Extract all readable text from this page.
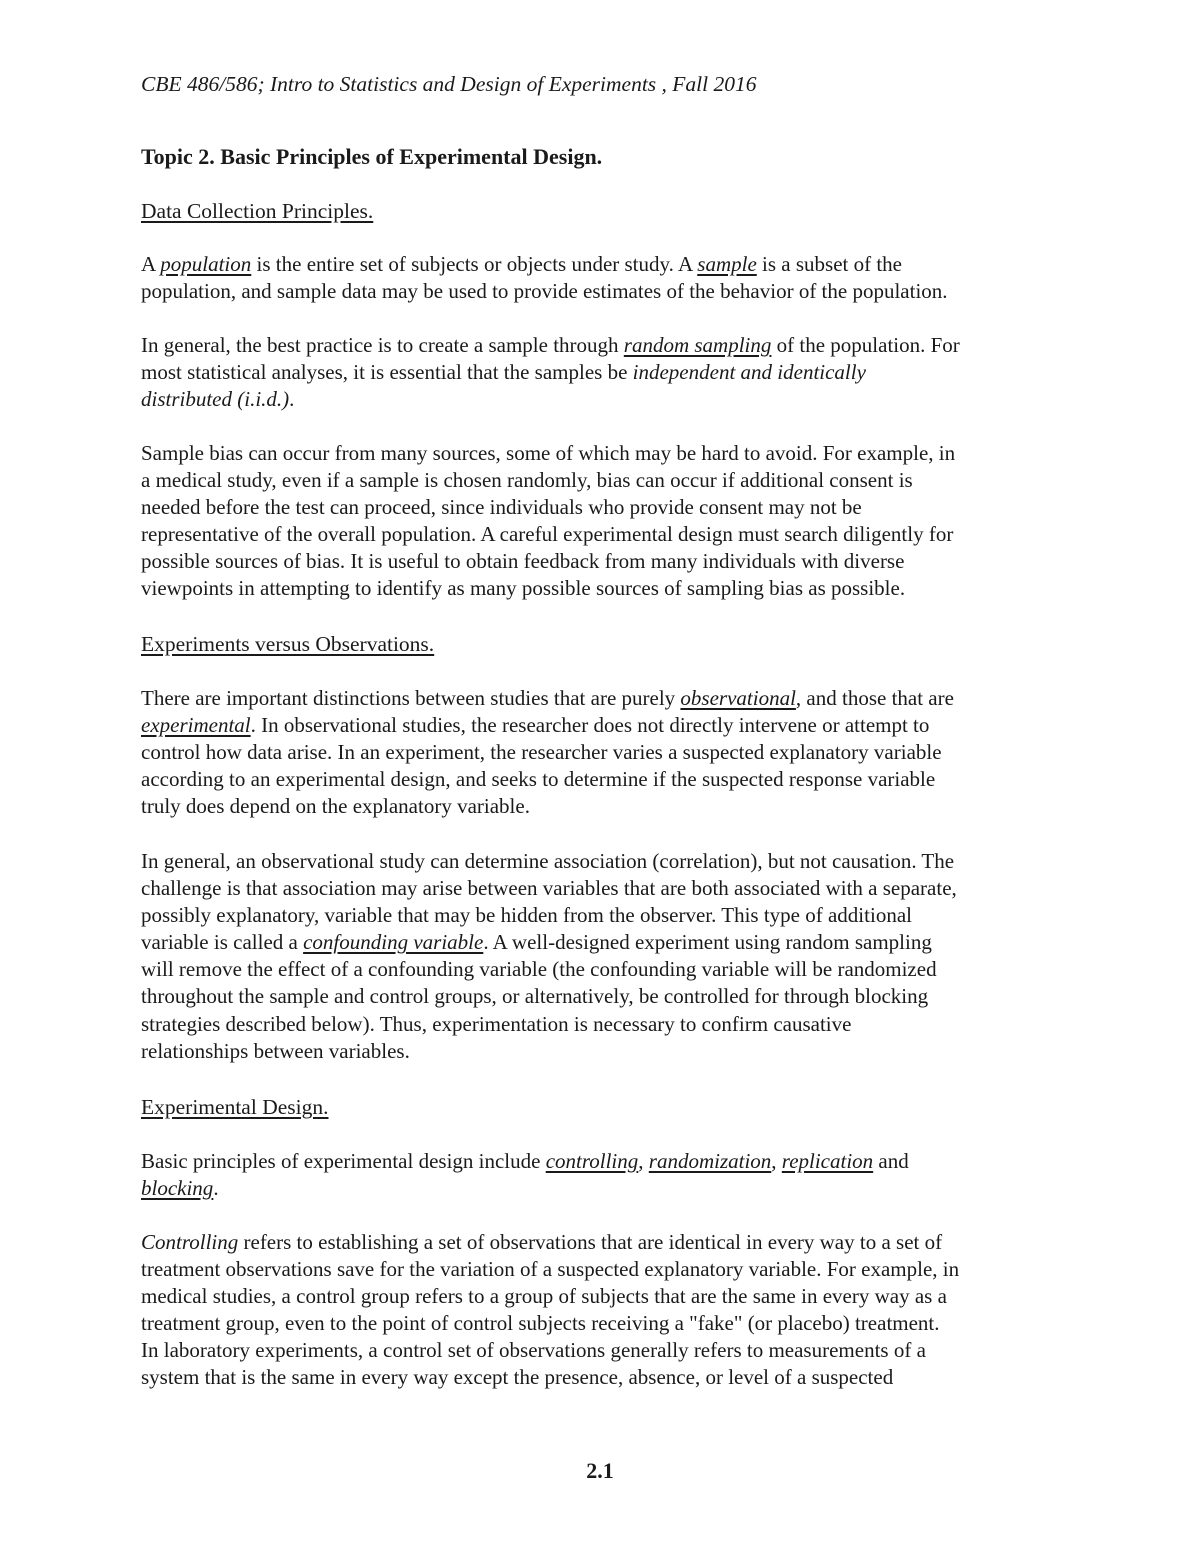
CBE 486/586; Intro to Statistics and Design of Experiments , Fall 2016
Topic 2. Basic Principles of Experimental Design.
Data Collection Principles.
A population is the entire set of subjects or objects under study. A sample is a subset of the
population, and sample data may be used to provide estimates of the behavior of the population.
In general, the best practice is to create a sample through random sampling of the population. For
most statistical analyses, it is essential that the samples be independent and identically
distributed (i.i.d.).
Sample bias can occur from many sources, some of which may be hard to avoid. For example, in
a medical study, even if a sample is chosen randomly, bias can occur if additional consent is
needed before the test can proceed, since individuals who provide consent may not be
representative of the overall population. A careful experimental design must search diligently for
possible sources of bias. It is useful to obtain feedback from many individuals with diverse
viewpoints in attempting to identify as many possible sources of sampling bias as possible.
Experiments versus Observations.
There are important distinctions between studies that are purely observational, and those that are
experimental. In observational studies, the researcher does not directly intervene or attempt to
control how data arise. In an experiment, the researcher varies a suspected explanatory variable
according to an experimental design, and seeks to determine if the suspected response variable
truly does depend on the explanatory variable.
In general, an observational study can determine association (correlation), but not causation. The
challenge is that association may arise between variables that are both associated with a separate,
possibly explanatory, variable that may be hidden from the observer. This type of additional
variable is called a confounding variable. A well-designed experiment using random sampling
will remove the effect of a confounding variable (the confounding variable will be randomized
throughout the sample and control groups, or alternatively, be controlled for through blocking
strategies described below). Thus, experimentation is necessary to confirm causative
relationships between variables.
Experimental Design.
Basic principles of experimental design include controlling, randomization, replication and
blocking.
Controlling refers to establishing a set of observations that are identical in every way to a set of
treatment observations save for the variation of a suspected explanatory variable. For example, in
medical studies, a control group refers to a group of subjects that are the same in every way as a
treatment group, even to the point of control subjects receiving a "fake" (or placebo) treatment.
In laboratory experiments, a control set of observations generally refers to measurements of a
system that is the same in every way except the presence, absence, or level of a suspected
2.1
